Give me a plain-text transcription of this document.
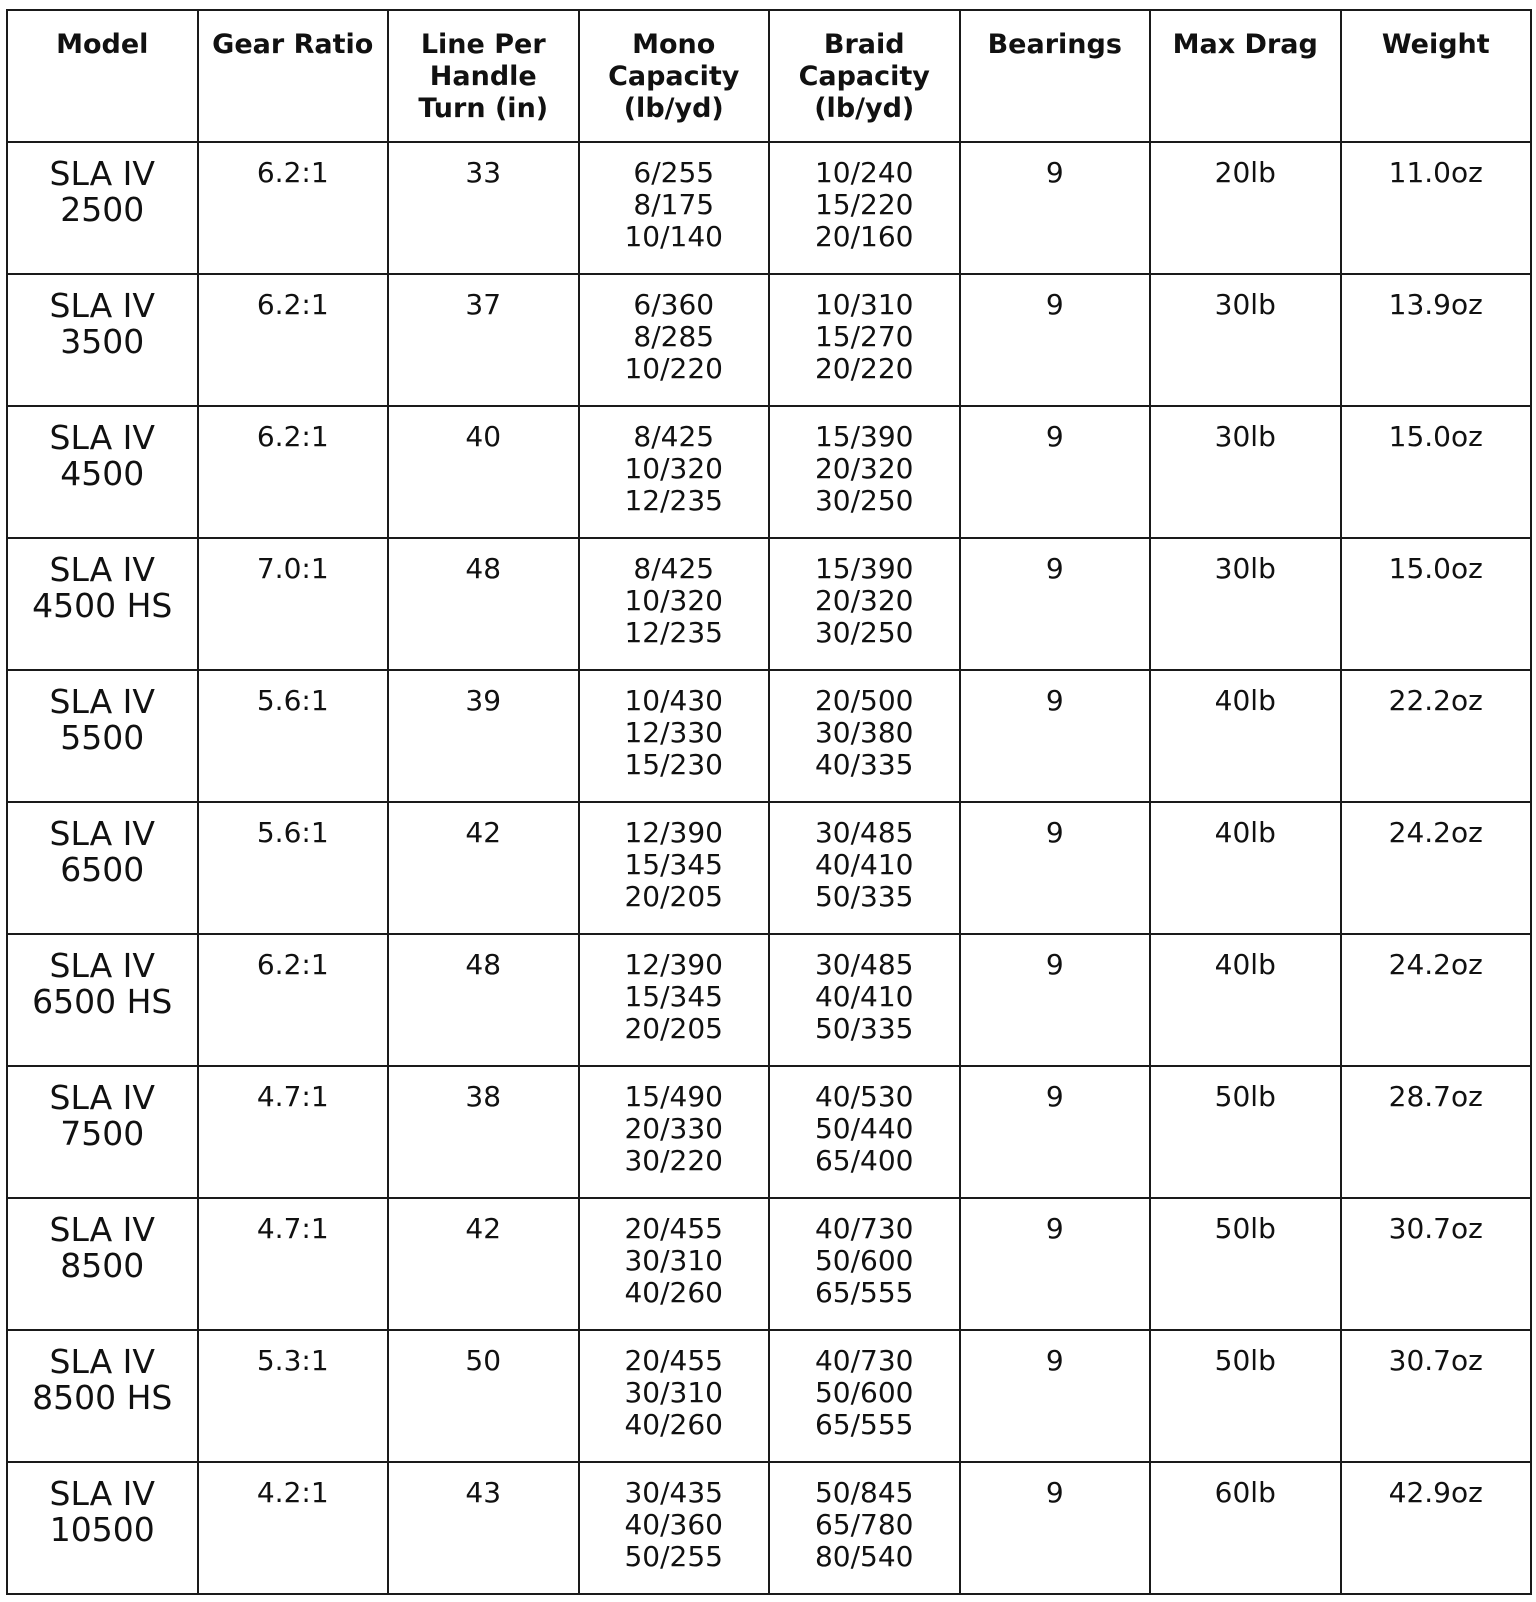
Model	Gear Ratio	Line Per
Handle
Turn (in)	Mono
Capacity
(lb/yd)	Braid
Capacity
(lb/yd)	Bearings	Max Drag	Weight

SLA IV
2500	6.2:1	33	6/255
8/175
10/140	10/240
15/220
20/160	9	20lb	11.0oz

SLA IV
3500	6.2:1	37	6/360
8/285
10/220	10/310
15/270
20/220	9	30lb	13.9oz

SLA IV
4500	6.2:1	40	8/425
10/320
12/235	15/390
20/320
30/250	9	30lb	15.0oz

SLA IV
4500 HS	7.0:1	48	8/425
10/320
12/235	15/390
20/320
30/250	9	30lb	15.0oz

SLA IV
5500	5.6:1	39	10/430
12/330
15/230	20/500
30/380
40/335	9	40lb	22.2oz

SLA IV
6500	5.6:1	42	12/390
15/345
20/205	30/485
40/410
50/335	9	40lb	24.2oz

SLA IV
6500 HS	6.2:1	48	12/390
15/345
20/205	30/485
40/410
50/335	9	40lb	24.2oz

SLA IV
7500	4.7:1	38	15/490
20/330
30/220	40/530
50/440
65/400	9	50lb	28.7oz

SLA IV
8500	4.7:1	42	20/455
30/310
40/260	40/730
50/600
65/555	9	50lb	30.7oz

SLA IV
8500 HS	5.3:1	50	20/455
30/310
40/260	40/730
50/600
65/555	9	50lb	30.7oz

SLA IV
10500	4.2:1	43	30/435
40/360
50/255	50/845
65/780
80/540	9	60lb	42.9oz
